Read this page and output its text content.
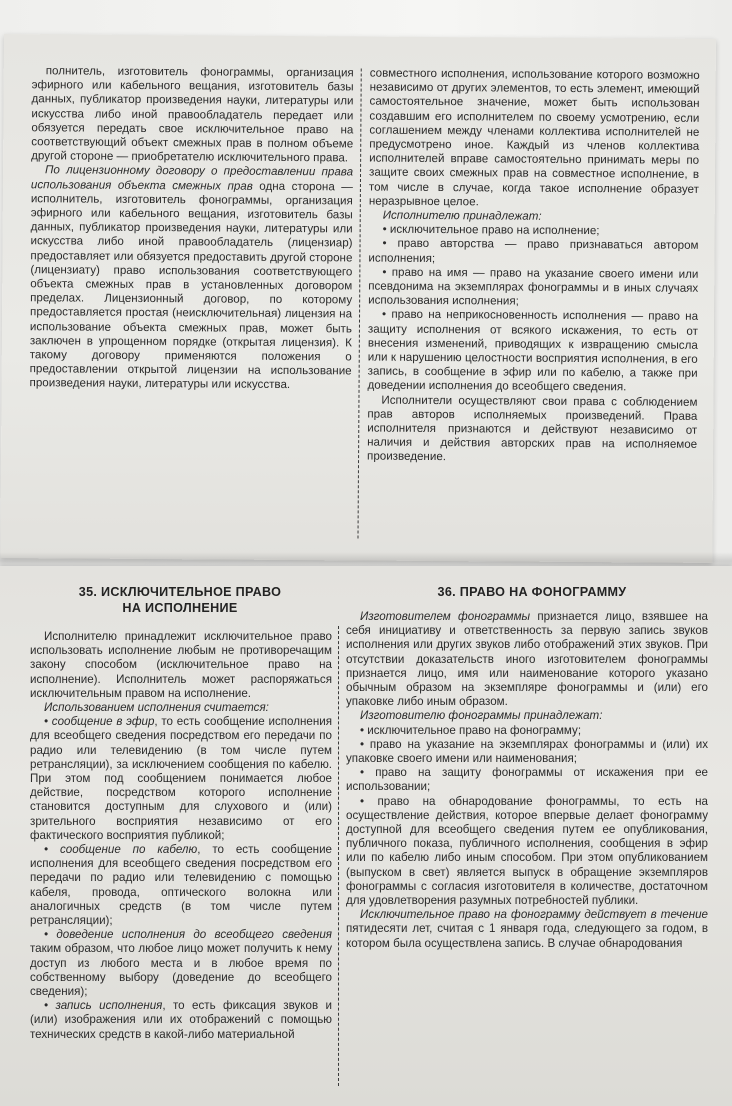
полнитель, изготовитель фонограммы, организация эфирного или кабельного вещания, изготовитель базы данных, публикатор произведения науки, литературы или искусства либо иной правообладатель передает или обязуется передать свое исключительное право на соответствующий объект смежных прав в полном объеме другой стороне — приобретателю исключительного права.

По лицензионному договору о предоставлении права использования объекта смежных прав одна сторона — исполнитель, изготовитель фонограммы, организация эфирного или кабельного вещания, изготовитель базы данных, публикатор произведения науки, литературы или искусства либо иной правообладатель (лицензиар) предоставляет или обязуется предоставить другой стороне (лицензиату) право использования соответствующего объекта смежных прав в установленных договором пределах. Лицензионный договор, по которому предоставляется простая (неисключительная) лицензия на использование объекта смежных прав, может быть заключен в упрощенном порядке (открытая лицензия). К такому договору применяются положения о предоставлении открытой лицензии на использование произведения науки, литературы или искусства.

совместного исполнения, использование которого возможно независимо от других элементов, то есть элемент, имеющий самостоятельное значение, может быть использован создавшим его исполнителем по своему усмотрению, если соглашением между членами коллектива исполнителей не предусмотрено иное. Каждый из членов коллектива исполнителей вправе самостоятельно принимать меры по защите своих смежных прав на совместное исполнение, в том числе в случае, когда такое исполнение образует неразрывное целое.

Исполнителю принадлежат:

• исключительное право на исполнение;

• право авторства — право признаваться автором исполнения;

• право на имя — право на указание своего имени или псевдонима на экземплярах фонограммы и в иных случаях использования исполнения;

• право на неприкосновенность исполнения — право на защиту исполнения от всякого искажения, то есть от внесения изменений, приводящих к извращению смысла или к нарушению целостности восприятия исполнения, в его запись, в сообщение в эфир или по кабелю, а также при доведении исполнения до всеобщего сведения.

Исполнители осуществляют свои права с соблюдением прав авторов исполняемых произведений. Права исполнителя признаются и действуют независимо от наличия и действия авторских прав на исполняемое произведение.

35. ИСКЛЮЧИТЕЛЬНОЕ ПРАВО
НА ИСПОЛНЕНИЕ
36. ПРАВО НА ФОНОГРАММУ

Исполнителю принадлежит исключительное право использовать исполнение любым не противоречащим закону способом (исключительное право на исполнение). Исполнитель может распоряжаться исключительным правом на исполнение.

Использованием исполнения считается:

• сообщение в эфир, то есть сообщение исполнения для всеобщего сведения посредством его передачи по радио или телевидению (в том числе путем ретрансляции), за исключением сообщения по кабелю. При этом под сообщением понимается любое действие, посредством которого исполнение становится доступным для слухового и (или) зрительного восприятия независимо от его фактического восприятия публикой;

• сообщение по кабелю, то есть сообщение исполнения для всеобщего сведения посредством его передачи по радио или телевидению с помощью кабеля, провода, оптического волокна или аналогичных средств (в том числе путем ретрансляции);

• доведение исполнения до всеобщего сведения таким образом, что любое лицо может получить к нему доступ из любого места и в любое время по собственному выбору (доведение до всеобщего сведения);

• запись исполнения, то есть фиксация звуков и (или) изображения или их отображений с помощью технических средств в какой-либо материальной

Изготовителем фонограммы признается лицо, взявшее на себя инициативу и ответственность за первую запись звуков исполнения или других звуков либо отображений этих звуков. При отсутствии доказательств иного изготовителем фонограммы признается лицо, имя или наименование которого указано обычным образом на экземпляре фонограммы и (или) его упаковке либо иным образом.

Изготовителю фонограммы принадлежат:

• исключительное право на фонограмму;

• право на указание на экземплярах фонограммы и (или) их упаковке своего имени или наименования;

• право на защиту фонограммы от искажения при ее использовании;

• право на обнародование фонограммы, то есть на осуществление действия, которое впервые делает фонограмму доступной для всеобщего сведения путем ее опубликования, публичного показа, публичного исполнения, сообщения в эфир или по кабелю либо иным способом. При этом опубликованием (выпуском в свет) является выпуск в обращение экземпляров фонограммы с согласия изготовителя в количестве, достаточном для удовлетворения разумных потребностей публики.

Исключительное право на фонограмму действует в течение пятидесяти лет, считая с 1 января года, следующего за годом, в котором была осуществлена запись. В случае обнародования
